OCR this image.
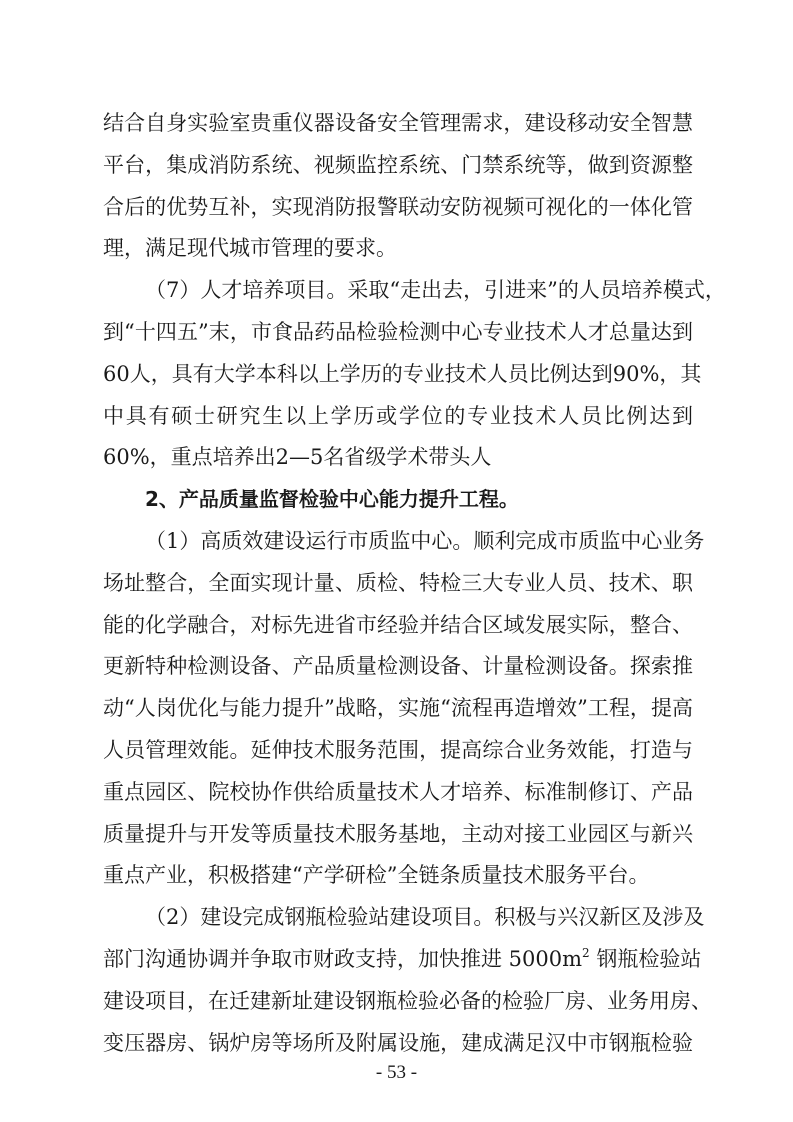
结合自身实验室贵重仪器设备安全管理需求，建设移动安全智慧
平台，集成消防系统、视频监控系统、门禁系统等，做到资源整
合后的优势互补，实现消防报警联动安防视频可视化的一体化管
理，满足现代城市管理的要求。
（7）人才培养项目。采取“走出去，引进来”的人员培养模式，
到“十四五”末，市食品药品检验检测中心专业技术人才总量达到
60人，具有大学本科以上学历的专业技术人员比例达到90%，其
中具有硕士研究生以上学历或学位的专业技术人员比例达到
60%，重点培养出2—5名省级学术带头人
2、产品质量监督检验中心能力提升工程。
（1）高质效建设运行市质监中心。顺利完成市质监中心业务
场址整合，全面实现计量、质检、特检三大专业人员、技术、职
能的化学融合，对标先进省市经验并结合区域发展实际，整合、
更新特种检测设备、产品质量检测设备、计量检测设备。探索推
动“人岗优化与能力提升”战略，实施“流程再造增效”工程，提高
人员管理效能。延伸技术服务范围，提高综合业务效能，打造与
重点园区、院校协作供给质量技术人才培养、标准制修订、产品
质量提升与开发等质量技术服务基地，主动对接工业园区与新兴
重点产业，积极搭建“产学研检”全链条质量技术服务平台。
（2）建设完成钢瓶检验站建设项目。积极与兴汉新区及涉及
部门沟通协调并争取市财政支持，加快推进 $5000m^2$ 钢瓶检验站
建设项目，在迁建新址建设钢瓶检验必备的检验厂房、业务用房、
变压器房、锅炉房等场所及附属设施，建成满足汉中市钢瓶检验
- 53 -
